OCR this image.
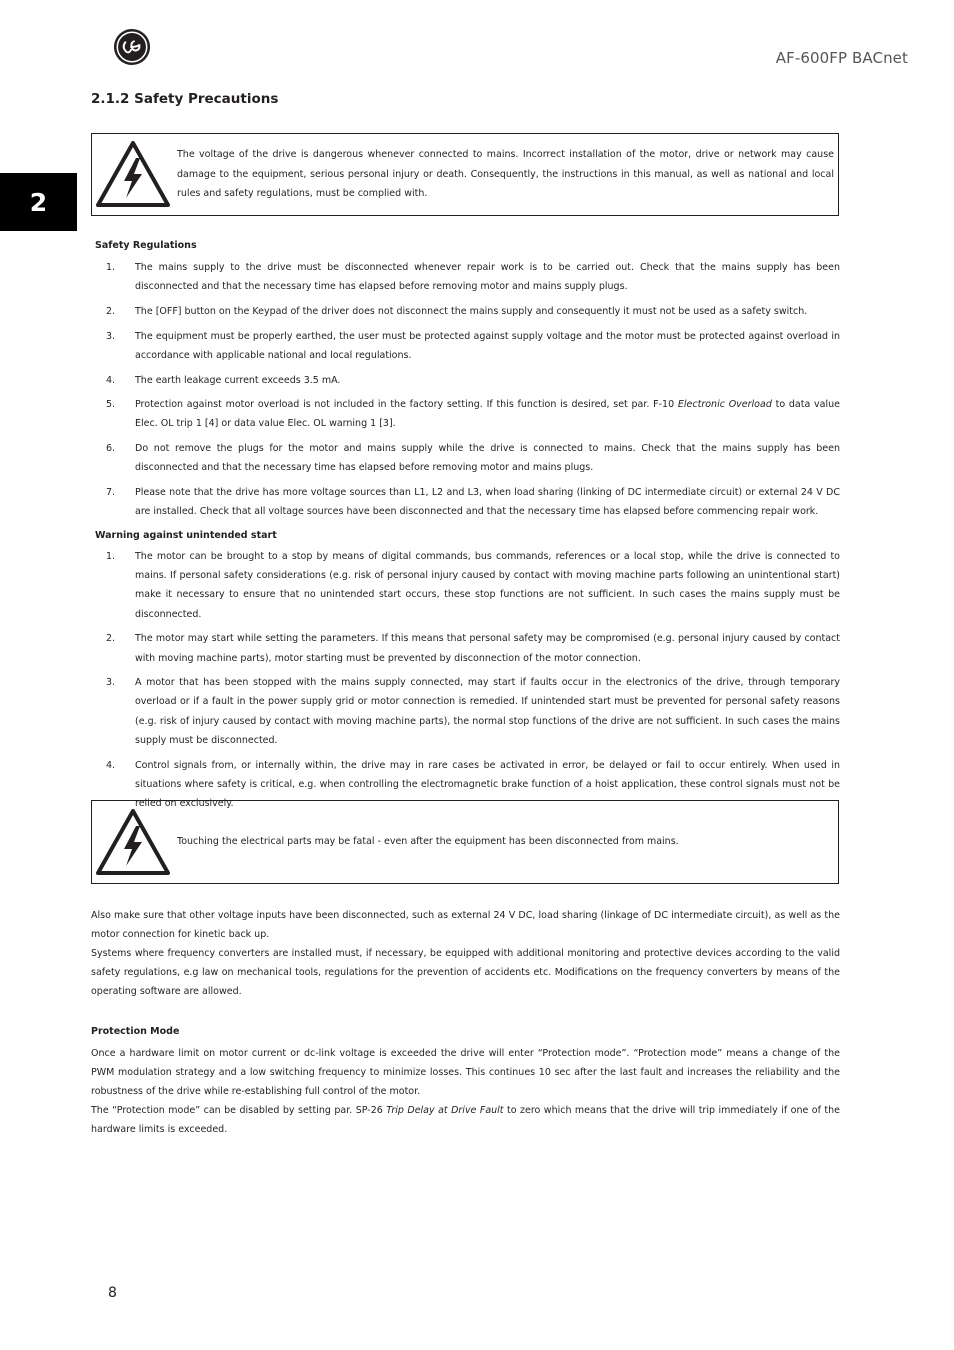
AF-600FP BACnet
2
2.1.2 Safety Precautions
The voltage of the drive is dangerous whenever connected to mains. Incorrect installation of the motor, drive or network may cause damage to the equipment, serious personal injury or death. Consequently, the instructions in this manual, as well as national and local rules and safety regulations, must be complied with.
Safety Regulations
1. The mains supply to the drive must be disconnected whenever repair work is to be carried out. Check that the mains supply has been disconnected and that the necessary time has elapsed before removing motor and mains supply plugs.
2. The [OFF] button on the Keypad of the driver does not disconnect the mains supply and consequently it must not be used as a safety switch.
3. The equipment must be properly earthed, the user must be protected against supply voltage and the motor must be protected against overload in accordance with applicable national and local regulations.
4. The earth leakage current exceeds 3.5 mA.
5. Protection against motor overload is not included in the factory setting. If this function is desired, set par. F-10 Electronic Overload to data value Elec. OL trip 1 [4] or data value Elec. OL warning 1 [3].
6. Do not remove the plugs for the motor and mains supply while the drive is connected to mains. Check that the mains supply has been disconnected and that the necessary time has elapsed before removing motor and mains plugs.
7. Please note that the drive has more voltage sources than L1, L2 and L3, when load sharing (linking of DC intermediate circuit) or external 24 V DC are installed. Check that all voltage sources have been disconnected and that the necessary time has elapsed before commencing repair work.
Warning against unintended start
1. The motor can be brought to a stop by means of digital commands, bus commands, references or a local stop, while the drive is connected to mains. If personal safety considerations (e.g. risk of personal injury caused by contact with moving machine parts following an unintentional start) make it necessary to ensure that no unintended start occurs, these stop functions are not sufficient. In such cases the mains supply must be disconnected.
2. The motor may start while setting the parameters. If this means that personal safety may be compromised (e.g. personal injury caused by contact with moving machine parts), motor starting must be prevented by disconnection of the motor connection.
3. A motor that has been stopped with the mains supply connected, may start if faults occur in the electronics of the drive, through temporary overload or if a fault in the power supply grid or motor connection is remedied. If unintended start must be prevented for personal safety reasons (e.g. risk of injury caused by contact with moving machine parts), the normal stop functions of the drive are not sufficient. In such cases the mains supply must be disconnected.
4. Control signals from, or internally within, the drive may in rare cases be activated in error, be delayed or fail to occur entirely. When used in situations where safety is critical, e.g. when controlling the electromagnetic brake function of a hoist application, these control signals must not be relied on exclusively.
Touching the electrical parts may be fatal - even after the equipment has been disconnected from mains.

Also make sure that other voltage inputs have been disconnected, such as external 24 V DC, load sharing (linkage of DC intermediate circuit), as well as the motor connection for kinetic back up.

Systems where frequency converters are installed must, if necessary, be equipped with additional monitoring and protective devices according to the valid safety regulations, e.g law on mechanical tools, regulations for the prevention of accidents etc. Modifications on the frequency converters by means of the operating software are allowed.

Protection Mode

Once a hardware limit on motor current or dc-link voltage is exceeded the drive will enter “Protection mode”. “Protection mode” means a change of the PWM modulation strategy and a low switching frequency to minimize losses. This continues 10 sec after the last fault and increases the reliability and the robustness of the drive while re-establishing full control of the motor.

The “Protection mode” can be disabled by setting par. SP-26 Trip Delay at Drive Fault to zero which means that the drive will trip immediately if one of the hardware limits is exceeded.

8
